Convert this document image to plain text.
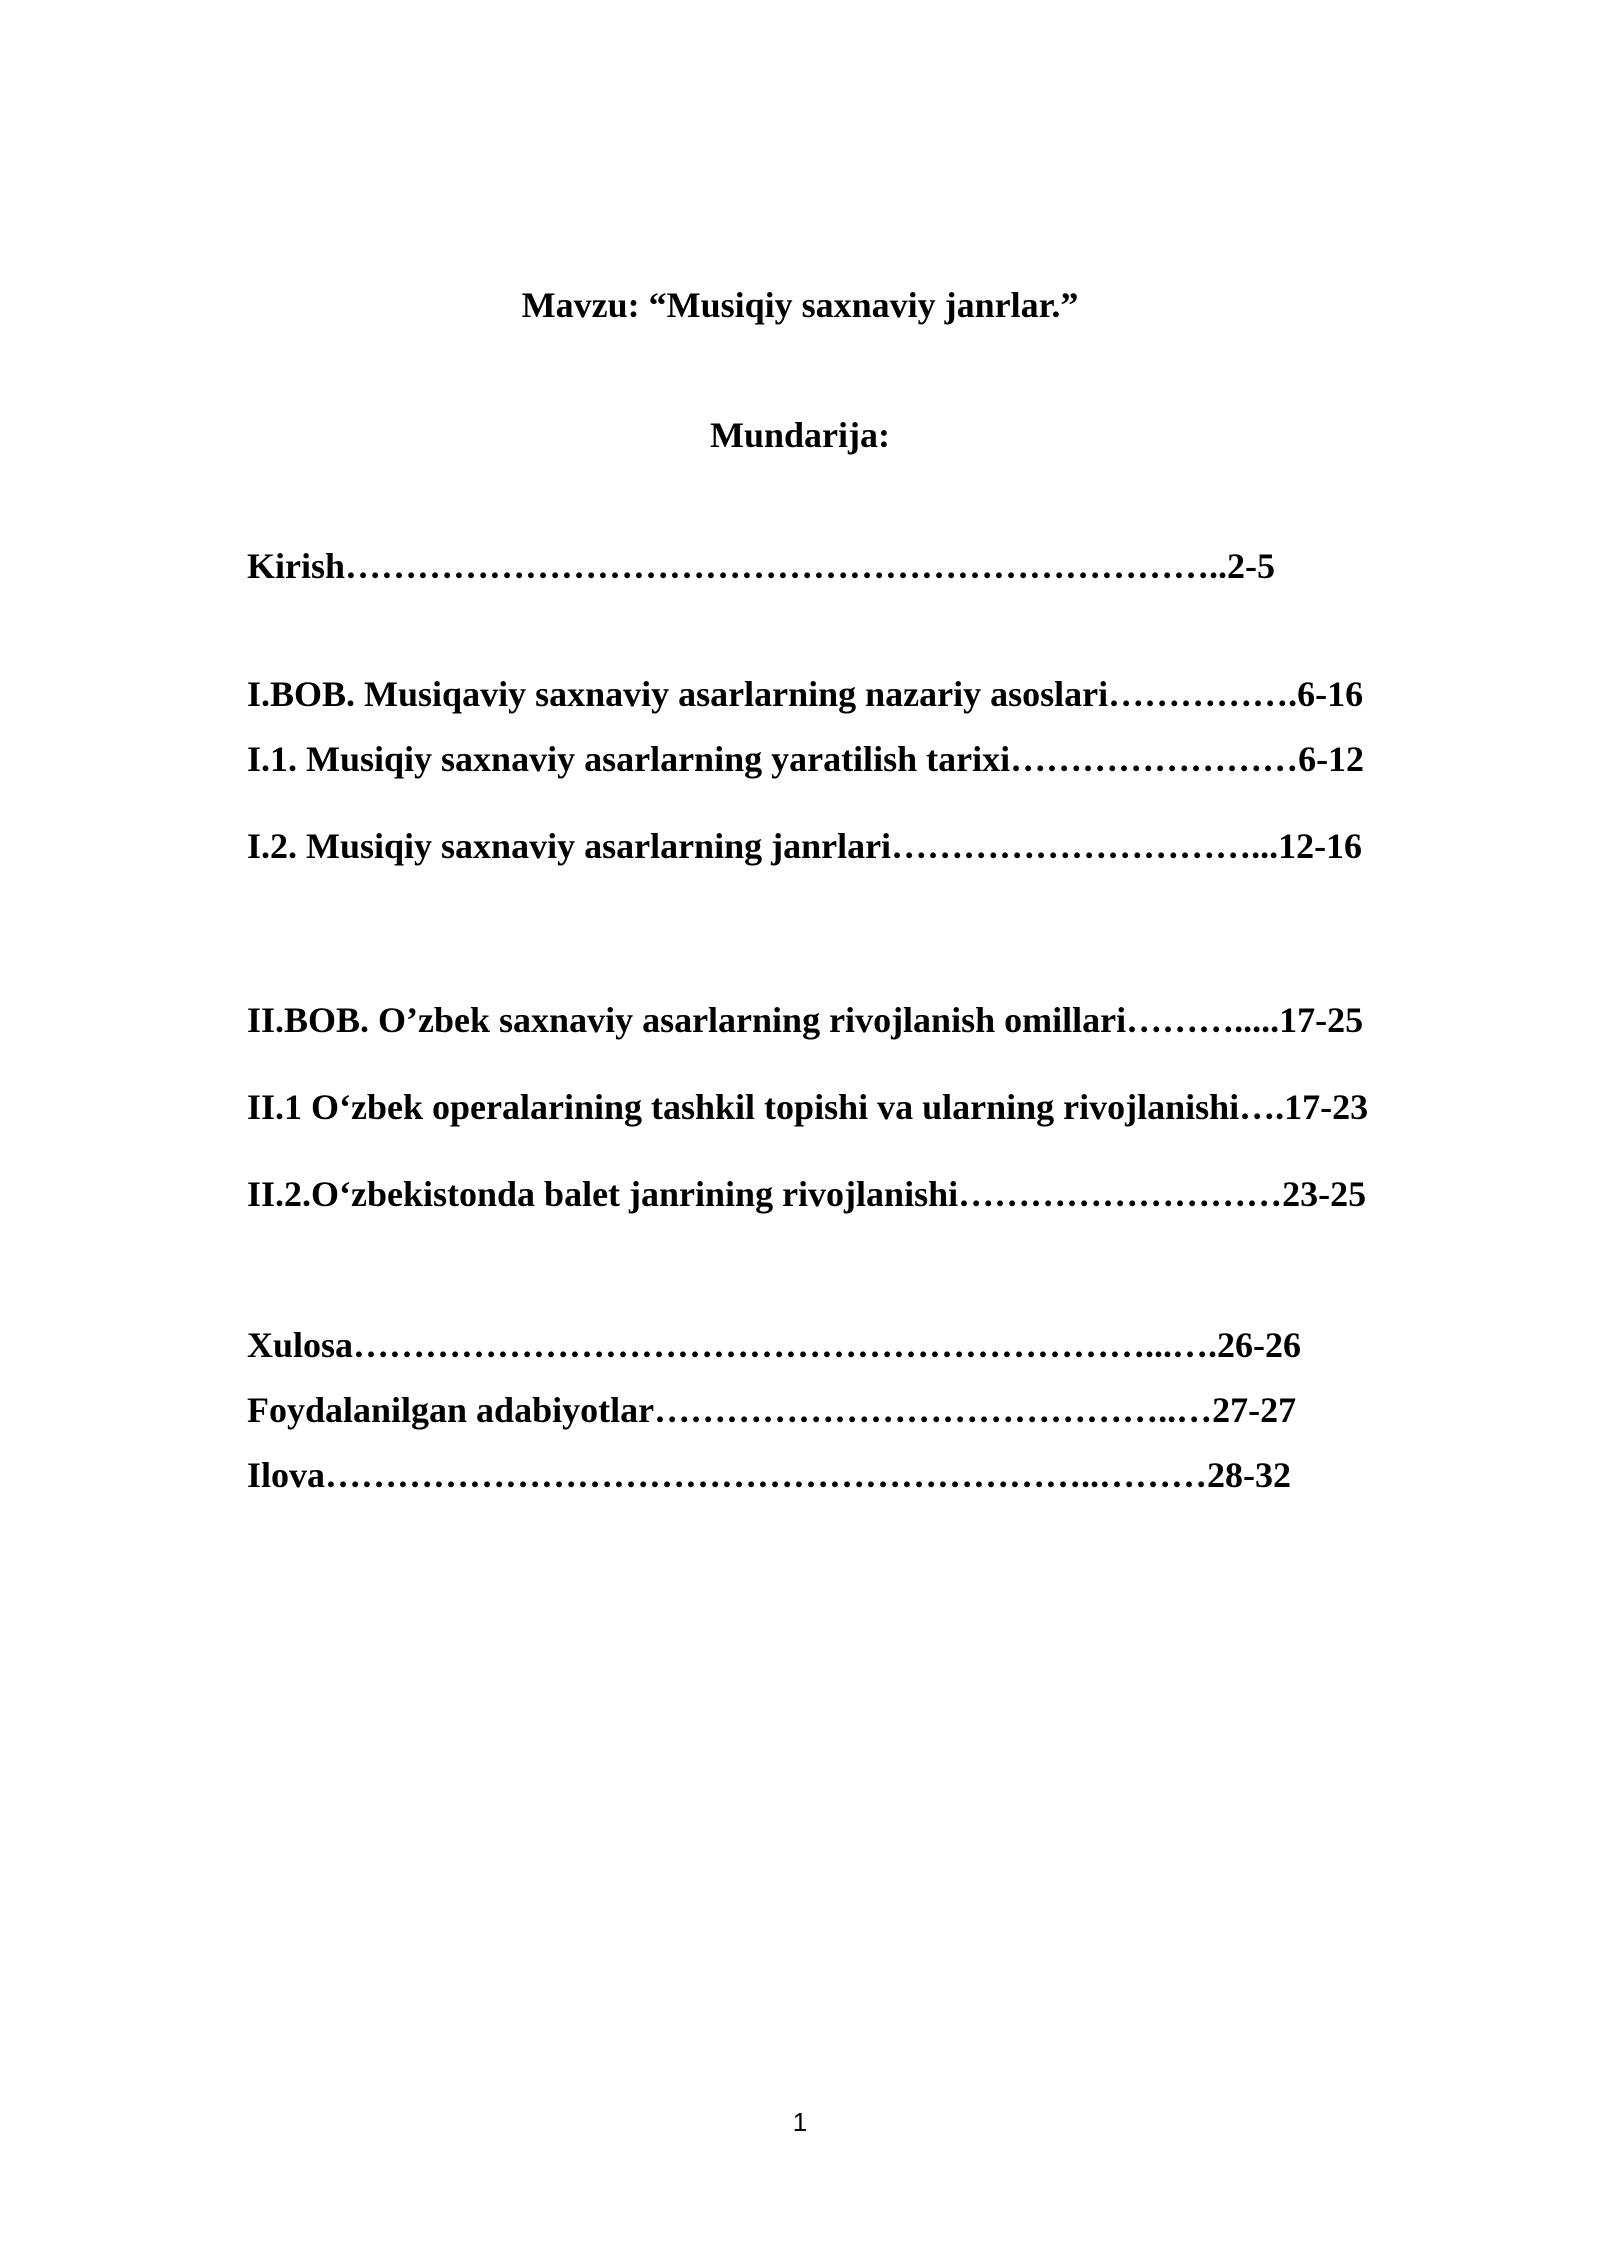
Mavzu: “Musiqiy saxnaviy janrlar.”
Mundarija:
Kirish………………………………………………………………..2-5
I.BOB. Musiqaviy saxnaviy asarlarning nazariy asoslari…………….6-16
I.1. Musiqiy saxnaviy asarlarning yaratilish tarixi……………………6-12
I.2. Musiqiy saxnaviy asarlarning janrlari…………………………...12-16
II.BOB. O’zbek saxnaviy asarlarning rivojlanish omillari……….....17-25
II.1 O‘zbek operalarining tashkil topishi va ularning rivojlanishi….17-23
II.2.O‘zbekistonda balet janrining rivojlanishi………………………23-25
Xulosa…………………………………………………………...….26-26
Foydalanilgan adabiyotlar……………………………………..…27-27
Ilova………………………………………………………..………28-32
1
